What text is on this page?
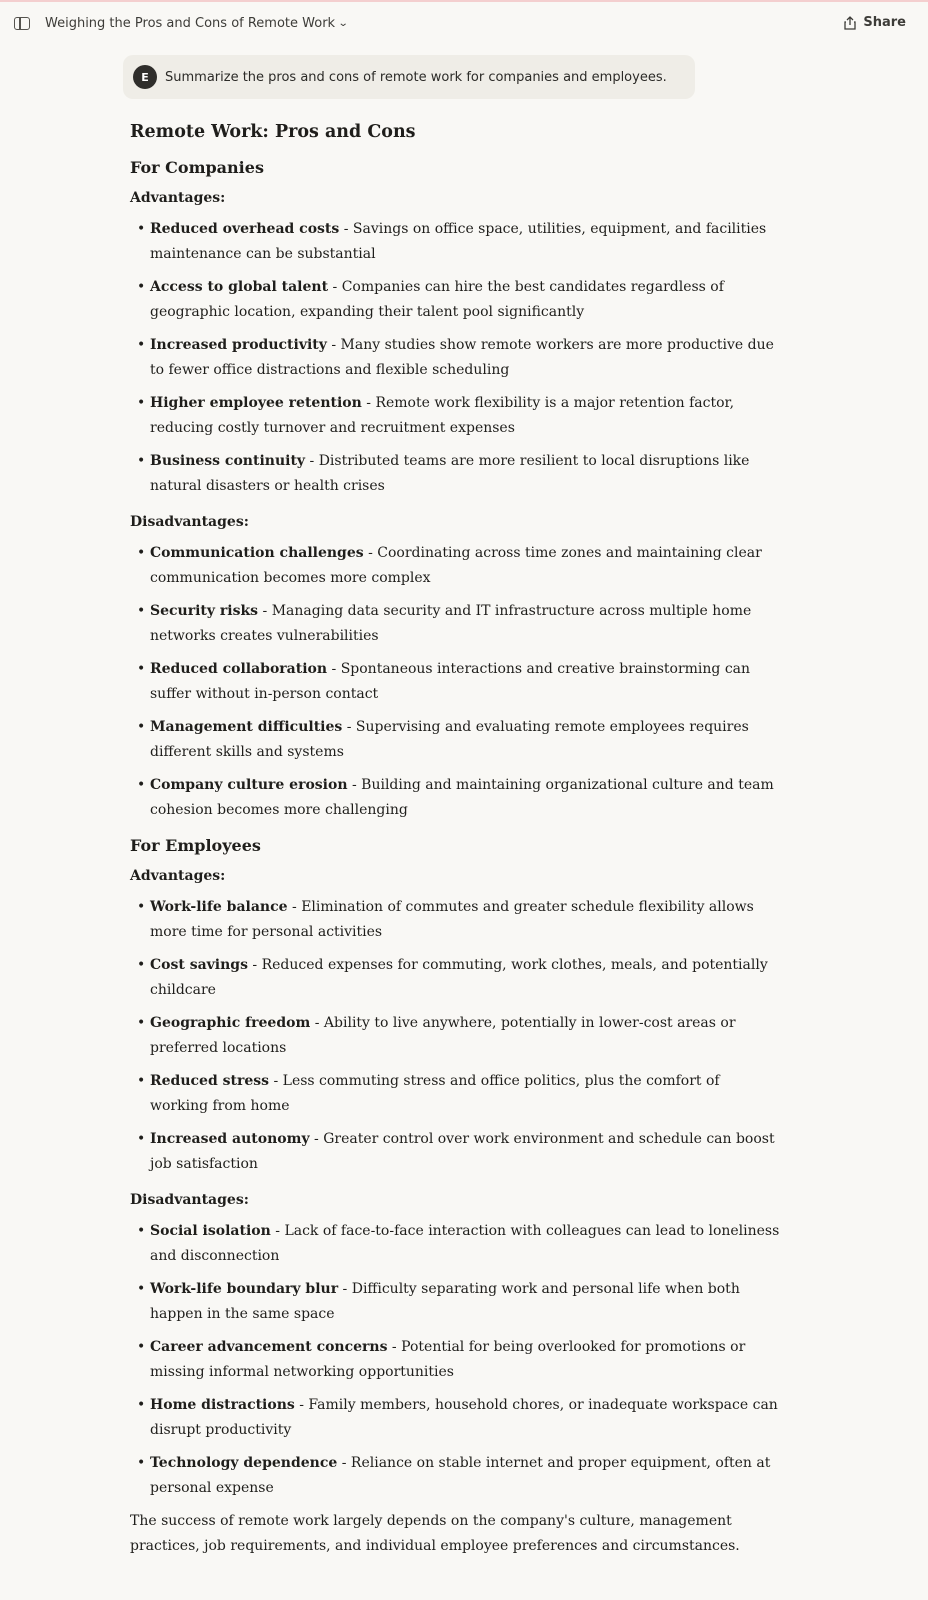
Weighing the Pros and Cons of Remote Work ⌄	Share
E	Summarize the pros and cons of remote work for companies and employees.
Remote Work: Pros and Cons
For Companies
Advantages:
• Reduced overhead costs - Savings on office space, utilities, equipment, and facilities maintenance can be substantial
• Access to global talent - Companies can hire the best candidates regardless of geographic location, expanding their talent pool significantly
• Increased productivity - Many studies show remote workers are more productive due to fewer office distractions and flexible scheduling
• Higher employee retention - Remote work flexibility is a major retention factor, reducing costly turnover and recruitment expenses
• Business continuity - Distributed teams are more resilient to local disruptions like natural disasters or health crises
Disadvantages:
• Communication challenges - Coordinating across time zones and maintaining clear communication becomes more complex
• Security risks - Managing data security and IT infrastructure across multiple home networks creates vulnerabilities
• Reduced collaboration - Spontaneous interactions and creative brainstorming can suffer without in-person contact
• Management difficulties - Supervising and evaluating remote employees requires different skills and systems
• Company culture erosion - Building and maintaining organizational culture and team cohesion becomes more challenging
For Employees
Advantages:
• Work-life balance - Elimination of commutes and greater schedule flexibility allows more time for personal activities
• Cost savings - Reduced expenses for commuting, work clothes, meals, and potentially childcare
• Geographic freedom - Ability to live anywhere, potentially in lower-cost areas or preferred locations
• Reduced stress - Less commuting stress and office politics, plus the comfort of working from home
• Increased autonomy - Greater control over work environment and schedule can boost job satisfaction
Disadvantages:
• Social isolation - Lack of face-to-face interaction with colleagues can lead to loneliness and disconnection
• Work-life boundary blur - Difficulty separating work and personal life when both happen in the same space
• Career advancement concerns - Potential for being overlooked for promotions or missing informal networking opportunities
• Home distractions - Family members, household chores, or inadequate workspace can disrupt productivity
• Technology dependence - Reliance on stable internet and proper equipment, often at personal expense

The success of remote work largely depends on the company's culture, management practices, job requirements, and individual employee preferences and circumstances.
